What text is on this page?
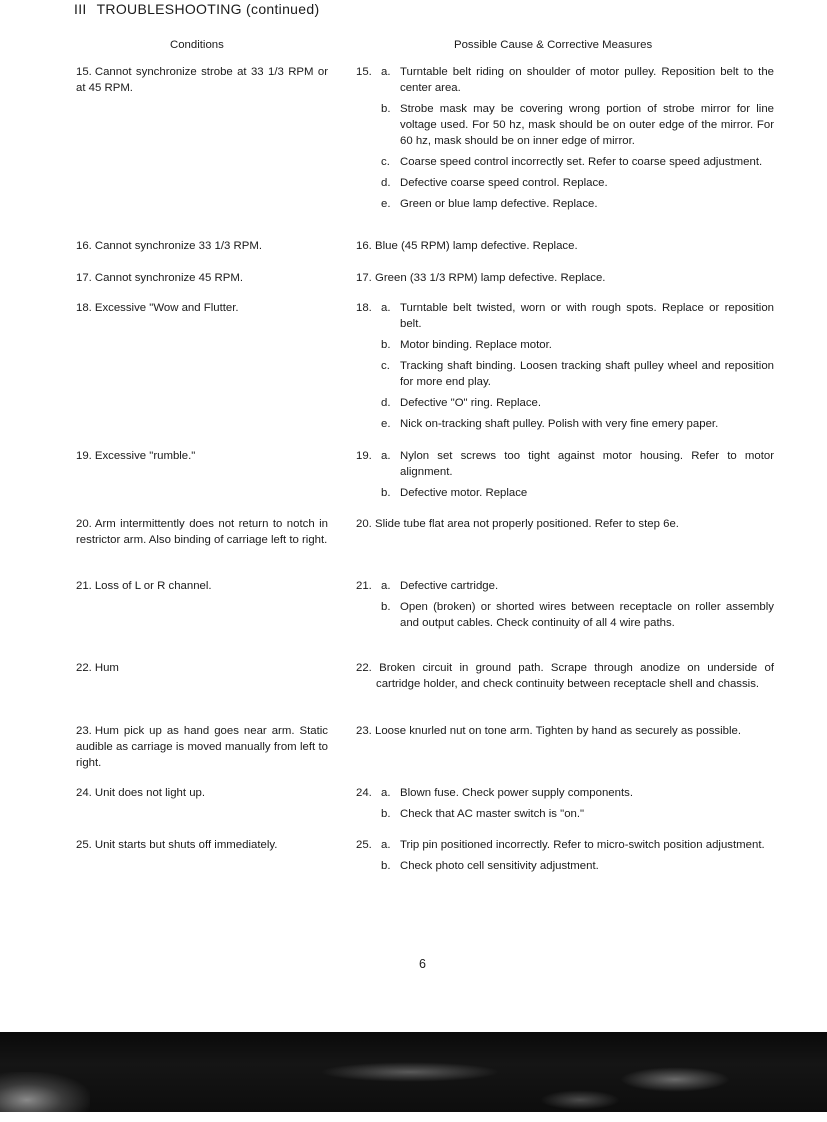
III TROUBLESHOOTING (continued)
Conditions	Possible Cause & Corrective Measures
15. Cannot synchronize strobe at 33 1/3 RPM or at 45 RPM.
15. a. Turntable belt riding on shoulder of motor pulley. Reposition belt to the center area.
b. Strobe mask may be covering wrong portion of strobe mirror for line voltage used. For 50 hz, mask should be on outer edge of the mirror. For 60 hz, mask should be on inner edge of mirror.
c. Coarse speed control incorrectly set. Refer to coarse speed adjustment.
d. Defective coarse speed control. Replace.
e. Green or blue lamp defective. Replace.
16. Cannot synchronize 33 1/3 RPM.	16. Blue (45 RPM) lamp defective. Replace.
17. Cannot synchronize 45 RPM.	17. Green (33 1/3 RPM) lamp defective. Replace.
18. Excessive "Wow and Flutter.	18. a. Turntable belt twisted, worn or with rough spots. Replace or reposition belt.
b. Motor binding. Replace motor.
c. Tracking shaft binding. Loosen tracking shaft pulley wheel and reposition for more end play.
d. Defective "O" ring. Replace.
e. Nick on-tracking shaft pulley. Polish with very fine emery paper.
19. Excessive "rumble."	19. a. Nylon set screws too tight against motor housing. Refer to motor alignment.
b. Defective motor. Replace
20. Arm intermittently does not return to notch in restrictor arm. Also binding of carriage left to right.
20. Slide tube flat area not properly positioned. Refer to step 6e.
21. Loss of L or R channel.	21. a. Defective cartridge.
b. Open (broken) or shorted wires between receptacle on roller assembly and output cables. Check continuity of all 4 wire paths.
22. Hum	22. Broken circuit in ground path. Scrape through anodize on underside of cartridge holder, and check continuity between receptacle shell and chassis.
23. Hum pick up as hand goes near arm. Static audible as carriage is moved manually from left to right.
23. Loose knurled nut on tone arm. Tighten by hand as securely as possible.
24. Unit does not light up.	24. a. Blown fuse. Check power supply components.
b. Check that AC master switch is "on."
25. Unit starts but shuts off immediately.	25. a. Trip pin positioned incorrectly. Refer to micro-switch position adjustment.
b. Check photo cell sensitivity adjustment.
6
